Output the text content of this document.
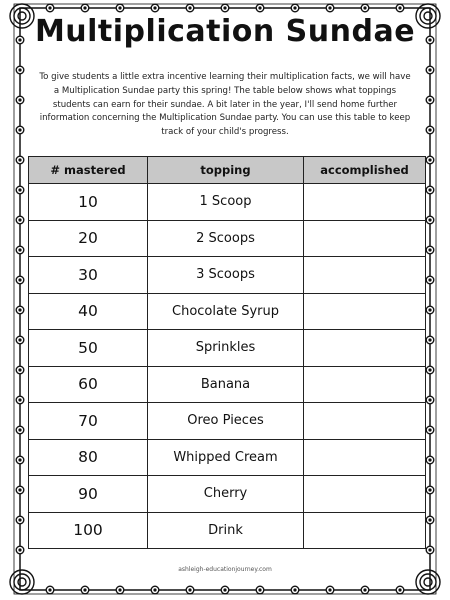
Multiplication Sundae
To give students a little extra incentive learning their multiplication facts, we will have a Multiplication Sundae party this spring! The table below shows what toppings students can earn for their sundae. A bit later in the year, I'll send home further information concerning the Multiplication Sundae party. You can use this table to keep track of your child's progress.
# mastered	topping	accomplished
10	1 Scoop	
20	2 Scoops	
30	3 Scoops	
40	Chocolate Syrup	
50	Sprinkles	
60	Banana	
70	Oreo Pieces	
80	Whipped Cream	
90	Cherry	
100	Drink	
ashleigh-educationjourney.com
